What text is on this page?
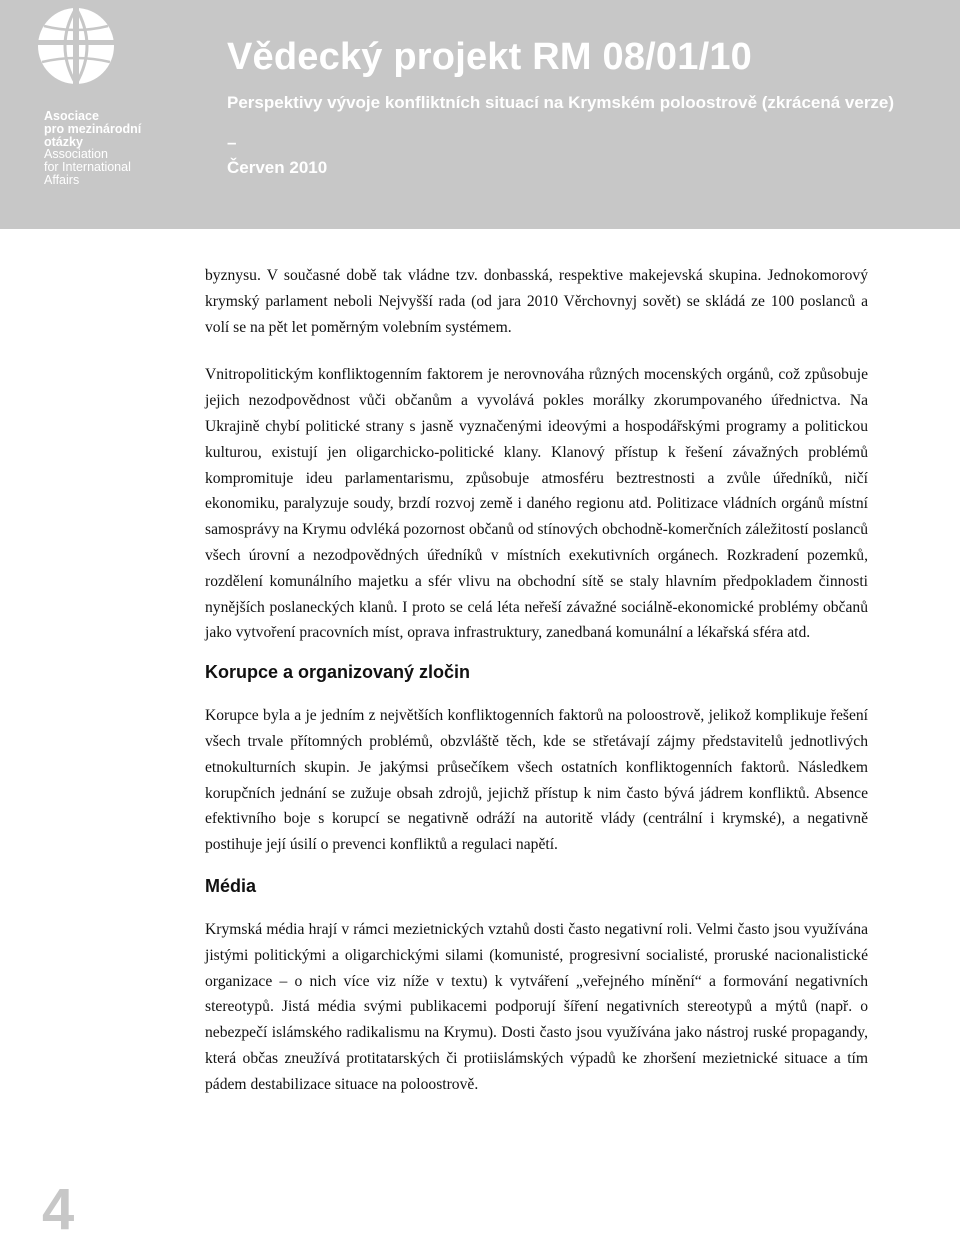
Asociace
pro mezinárodní
otázky
Association
for International
Affairs
Vědecký projekt RM 08/01/10
Perspektivy vývoje konfliktních situací na Krymském poloostrově (zkrácená verze)
–
Červen 2010

byznysu. V současné době tak vládne tzv. donbasská, respektive makejevská skupina. Jednokomorový krymský parlament neboli Nejvyšší rada (od jara 2010 Věrchovnyj sovět) se skládá ze 100 poslanců a volí se na pět let poměrným volebním systémem.

Vnitropolitickým konfliktogenním faktorem je nerovnováha různých mocenských orgánů, což způsobuje jejich nezodpovědnost vůči občanům a vyvolává pokles morálky zkorumpovaného úřednictva. Na Ukrajině chybí politické strany s jasně vyznačenými ideovými a hospodářskými programy a politickou kulturou, existují jen oligarchicko-politické klany. Klanový přístup k řešení závažných problémů kompromituje ideu parlamentarismu, způsobuje atmosféru beztrestnosti a zvůle úředníků, ničí ekonomiku, paralyzuje soudy, brzdí rozvoj země i daného regionu atd. Politizace vládních orgánů místní samosprávy na Krymu odvléká pozornost občanů od stínových obchodně-komerčních záležitostí poslanců všech úrovní a nezodpovědných úředníků v místních exekutivních orgánech. Rozkradení pozemků, rozdělení komunálního majetku a sfér vlivu na obchodní sítě se staly hlavním předpokladem činnosti nynějších poslaneckých klanů. I proto se celá léta neřeší závažné sociálně-ekonomické problémy občanů jako vytvoření pracovních míst, oprava infrastruktury, zanedbaná komunální a lékařská sféra atd.

Korupce a organizovaný zločin

Korupce byla a je jedním z největších konfliktogenních faktorů na poloostrově, jelikož komplikuje řešení všech trvale přítomných problémů, obzvláště těch, kde se střetávají zájmy představitelů jednotlivých etnokulturních skupin. Je jakýmsi průsečíkem všech ostatních konfliktogenních faktorů. Následkem korupčních jednání se zužuje obsah zdrojů, jejichž přístup k nim často bývá jádrem konfliktů. Absence efektivního boje s korupcí se negativně odráží na autoritě vlády (centrální i krymské), a negativně postihuje její úsilí o prevenci konfliktů a regulaci napětí.

Média

Krymská média hrají v rámci mezietnických vztahů dosti často negativní roli. Velmi často jsou využívána jistými politickými a oligarchickými silami (komunisté, progresivní socialisté, proruské nacionalistické organizace – o nich více viz níže v textu) k vytváření „veřejného mínění“ a formování negativních stereotypů. Jistá média svými publikacemi podporují šíření negativních stereotypů a mýtů (např. o nebezpečí islámského radikalismu na Krymu). Dosti často jsou využívána jako nástroj ruské propagandy, která občas zneužívá protitatarských či protiislámských výpadů ke zhoršení mezietnické situace a tím pádem destabilizace situace na poloostrově.

4
